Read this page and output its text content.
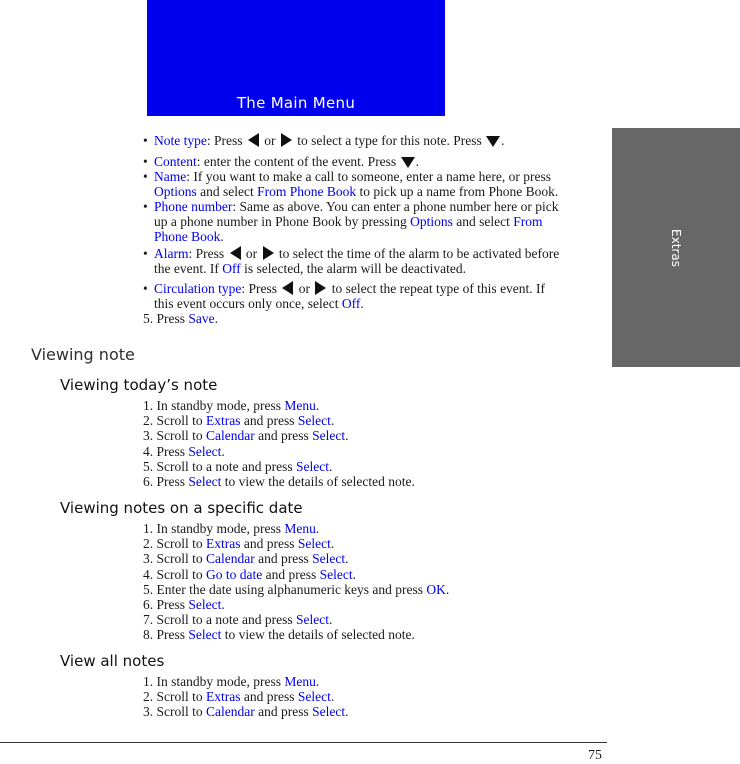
The Main Menu
Extras
• Note type: Press or to select a type for this note. Press .
• Content: enter the content of the event. Press .
• Name: If you want to make a call to someone, enter a name here, or press
Options and select From Phone Book to pick up a name from Phone Book.
• Phone number: Same as above. You can enter a phone number here or pick
up a phone number in Phone Book by pressing Options and select From
Phone Book.
• Alarm: Press or to select the time of the alarm to be activated before
the event. If Off is selected, the alarm will be deactivated.
• Circulation type: Press or to select the repeat type of this event. If
this event occurs only once, select Off.
5. Press Save.
Viewing note
Viewing today’s note
1. In standby mode, press Menu.
2. Scroll to Extras and press Select.
3. Scroll to Calendar and press Select.
4. Press Select.
5. Scroll to a note and press Select.
6. Press Select to view the details of selected note.
Viewing notes on a specific date
1. In standby mode, press Menu.
2. Scroll to Extras and press Select.
3. Scroll to Calendar and press Select.
4. Scroll to Go to date and press Select.
5. Enter the date using alphanumeric keys and press OK.
6. Press Select.
7. Scroll to a note and press Select.
8. Press Select to view the details of selected note.
View all notes
1. In standby mode, press Menu.
2. Scroll to Extras and press Select.
3. Scroll to Calendar and press Select.
75
